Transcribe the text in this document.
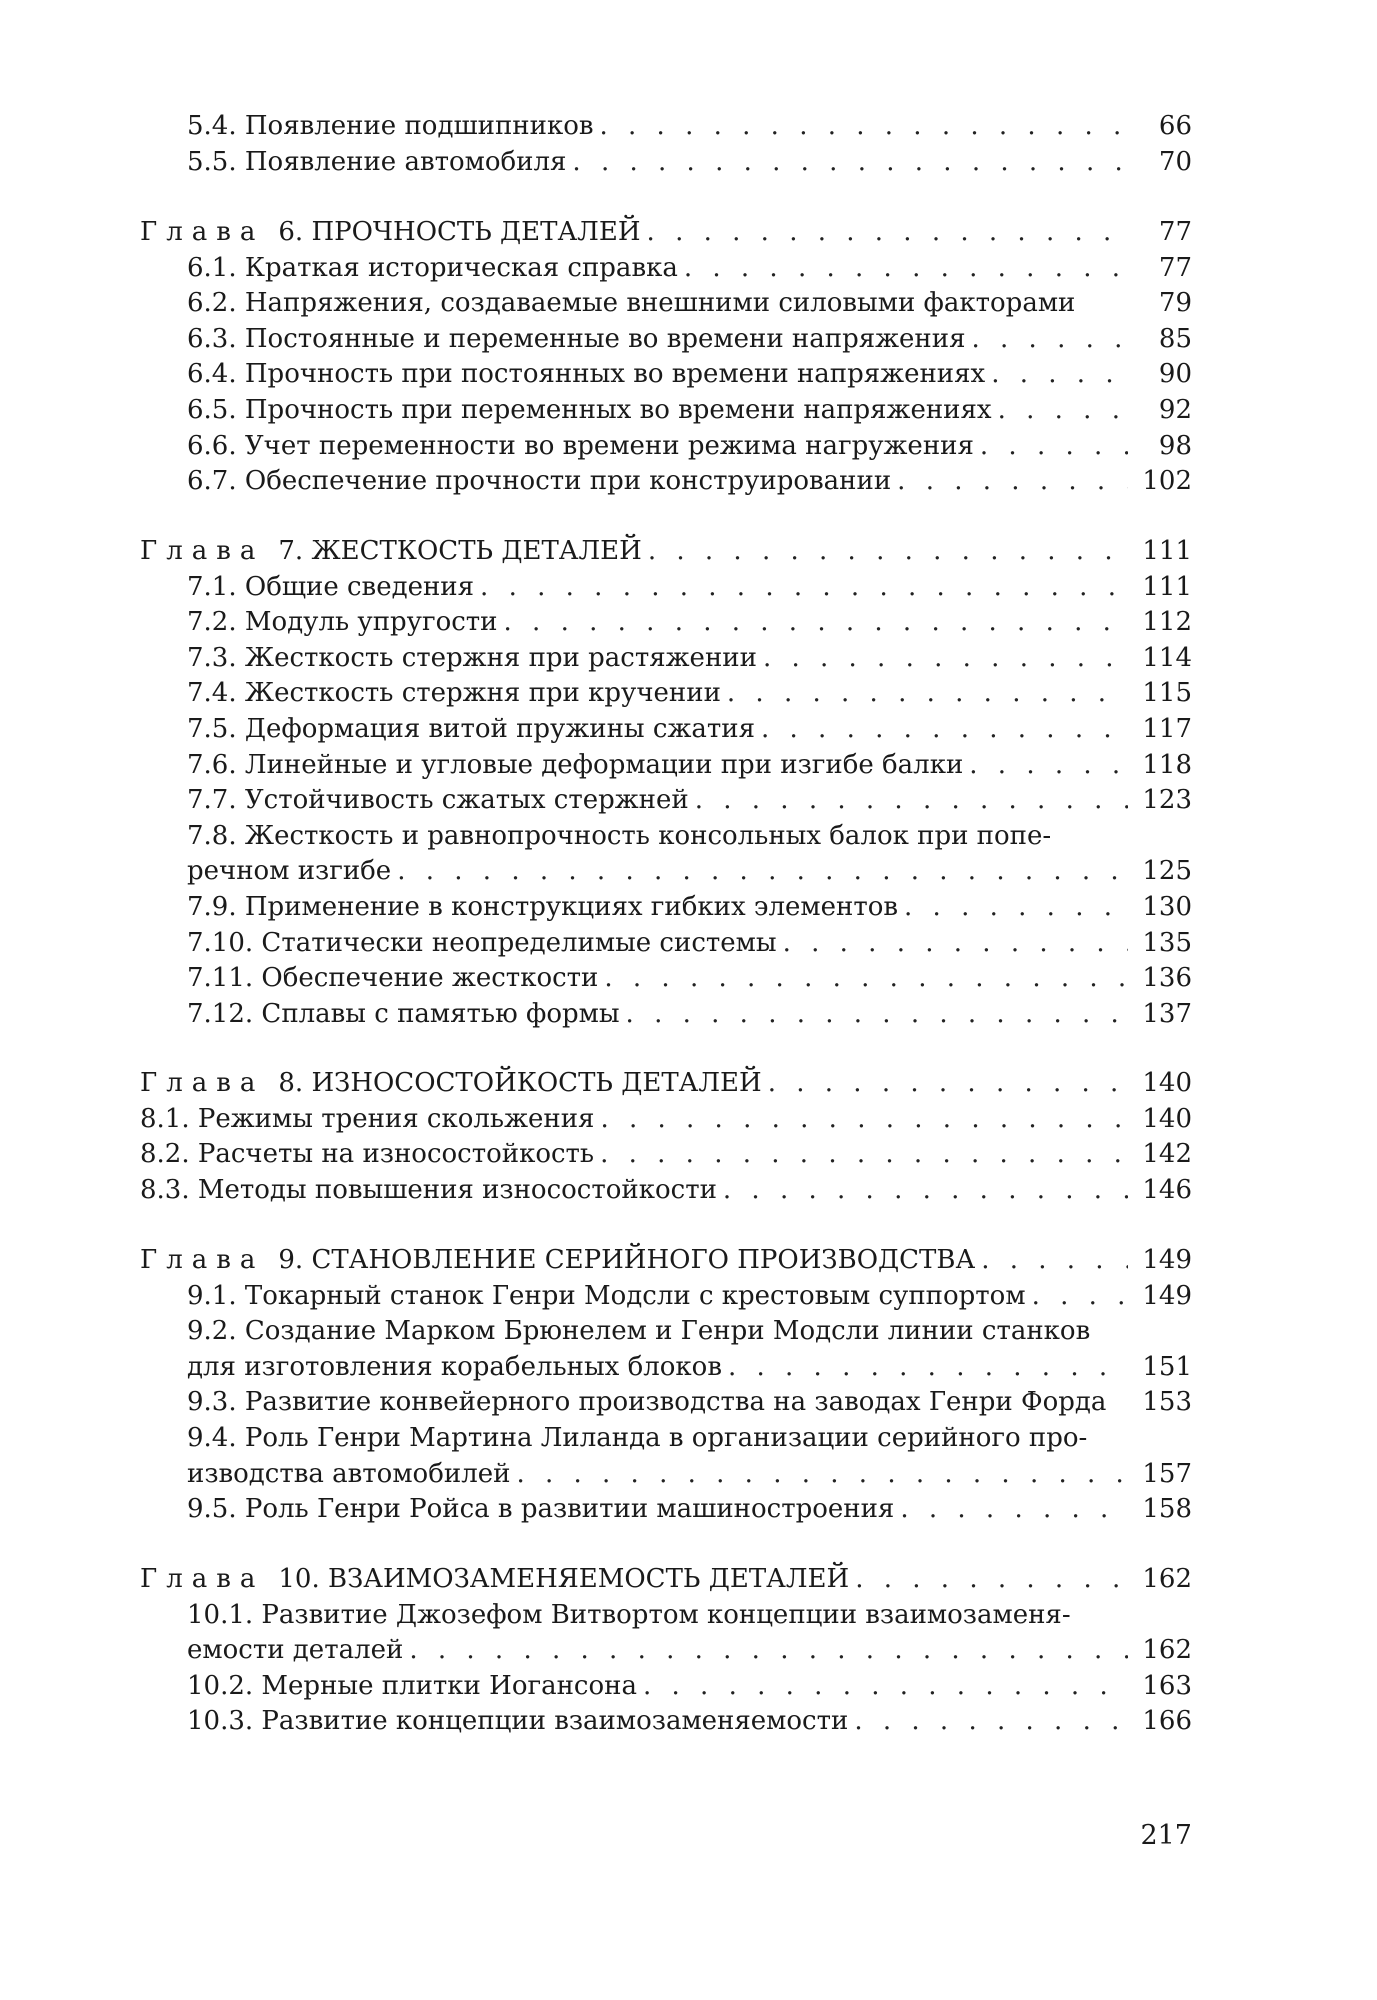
5.4. Появление подшипников . . .	66
5.5. Появление автомобиля . . .	70
Глава 6. ПРОЧНОСТЬ ДЕТАЛЕЙ . . .	77
6.1. Краткая историческая справка . . .	77
6.2. Напряжения, создаваемые внешними силовыми факторами	79
6.3. Постоянные и переменные во времени напряжения . . .	85
6.4. Прочность при постоянных во времени напряжениях . . .	90
6.5. Прочность при переменных во времени напряжениях . . .	92
6.6. Учет переменности во времени режима нагружения . . .	98
6.7. Обеспечение прочности при конструировании . . .	102
Глава 7. ЖЕСТКОСТЬ ДЕТАЛЕЙ . . .	111
7.1. Общие сведения . . .	111
7.2. Модуль упругости . . .	112
7.3. Жесткость стержня при растяжении . . .	114
7.4. Жесткость стержня при кручении . . .	115
7.5. Деформация витой пружины сжатия . . .	117
7.6. Линейные и угловые деформации при изгибе балки . . .	118
7.7. Устойчивость сжатых стержней . . .	123
7.8. Жесткость и равнопрочность консольных балок при попе-
речном изгибе . . .	125
7.9. Применение в конструкциях гибких элементов . . .	130
7.10. Статически неопределимые системы . . .	135
7.11. Обеспечение жесткости . . .	136
7.12. Сплавы с памятью формы . . .	137
Глава 8. ИЗНОСОСТОЙКОСТЬ ДЕТАЛЕЙ . . .	140
8.1. Режимы трения скольжения . . .	140
8.2. Расчеты на износостойкость . . .	142
8.3. Методы повышения износостойкости . . .	146
Глава 9. СТАНОВЛЕНИЕ СЕРИЙНОГО ПРОИЗВОДСТВА . . .	149
9.1. Токарный станок Генри Модсли с крестовым суппортом . . .	149
9.2. Создание Марком Брюнелем и Генри Модсли линии станков
для изготовления корабельных блоков . . .	151
9.3. Развитие конвейерного производства на заводах Генри Форда	153
9.4. Роль Генри Мартина Лиланда в организации серийного про-
изводства автомобилей . . .	157
9.5. Роль Генри Ройса в развитии машиностроения . . .	158
Глава 10. ВЗАИМОЗАМЕНЯЕМОСТЬ ДЕТАЛЕЙ . . .	162
10.1. Развитие Джозефом Витвортом концепции взаимозаменя-
емости деталей . . .	162
10.2. Мерные плитки Иогансона . . .	163
10.3. Развитие концепции взаимозаменяемости . . .	166
217
